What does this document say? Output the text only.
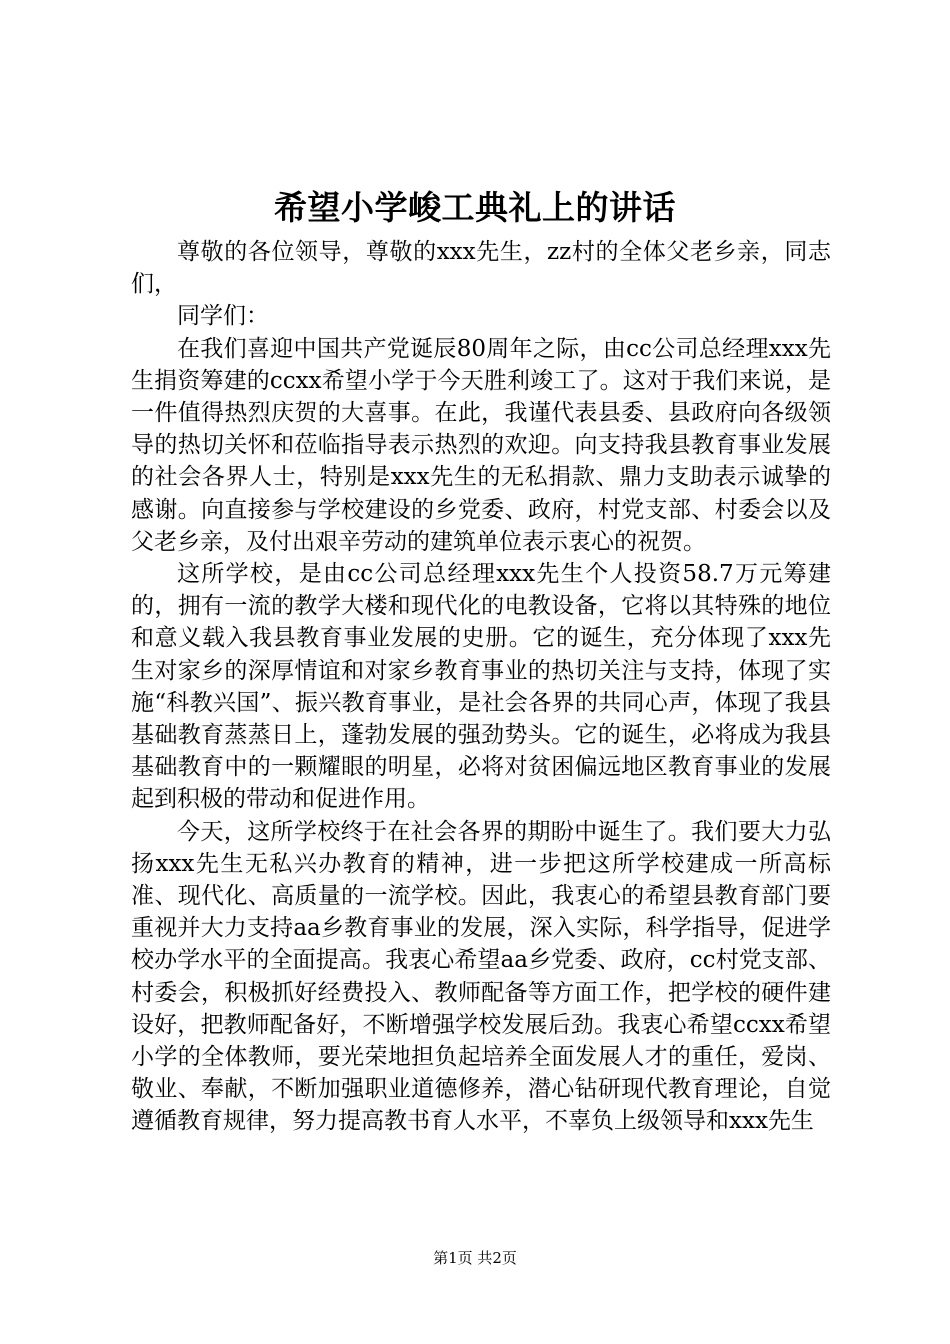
希望小学峻工典礼上的讲话

尊敬的各位领导，尊敬的xxx先生，zz村的全体父老乡亲，同志们，

同学们：

在我们喜迎中国共产党诞辰80周年之际，由cc公司总经理xxx先生捐资筹建的ccxx希望小学于今天胜利竣工了。这对于我们来说，是一件值得热烈庆贺的大喜事。在此，我谨代表县委、县政府向各级领导的热切关怀和莅临指导表示热烈的欢迎。向支持我县教育事业发展的社会各界人士，特别是xxx先生的无私捐款、鼎力支助表示诚挚的感谢。向直接参与学校建设的乡党委、政府，村党支部、村委会以及父老乡亲，及付出艰辛劳动的建筑单位表示衷心的祝贺。

这所学校，是由cc公司总经理xxx先生个人投资58.7万元筹建的，拥有一流的教学大楼和现代化的电教设备，它将以其特殊的地位和意义载入我县教育事业发展的史册。它的诞生，充分体现了xxx先生对家乡的深厚情谊和对家乡教育事业的热切关注与支持，体现了实施“科教兴国”、振兴教育事业，是社会各界的共同心声，体现了我县基础教育蒸蒸日上，蓬勃发展的强劲势头。它的诞生，必将成为我县基础教育中的一颗耀眼的明星，必将对贫困偏远地区教育事业的发展起到积极的带动和促进作用。

今天，这所学校终于在社会各界的期盼中诞生了。我们要大力弘扬xxx先生无私兴办教育的精神，进一步把这所学校建成一所高标准、现代化、高质量的一流学校。因此，我衷心的希望县教育部门要重视并大力支持aa乡教育事业的发展，深入实际，科学指导，促进学校办学水平的全面提高。我衷心希望aa乡党委、政府，cc村党支部、村委会，积极抓好经费投入、教师配备等方面工作，把学校的硬件建设好，把教师配备好，不断增强学校发展后劲。我衷心希望ccxx希望小学的全体教师，要光荣地担负起培养全面发展人才的重任，爱岗、敬业、奉献，不断加强职业道德修养，潜心钻研现代教育理论，自觉遵循教育规律，努力提高教书育人水平，不辜负上级领导和xxx先生

第1页 共2页
